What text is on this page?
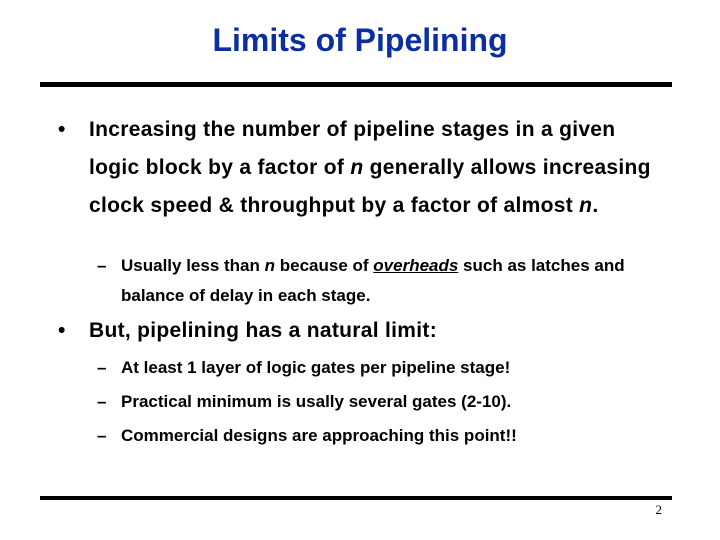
Limits of Pipelining
•	Increasing the number of pipeline stages in a given logic block by a factor of n generally allows increasing clock speed & throughput by a factor of almost n.
– Usually less than n because of overheads such as latches and balance of delay in each stage.
•	But, pipelining has a natural limit:
– At least 1 layer of logic gates per pipeline stage!
– Practical minimum is usally several gates (2-10).
– Commercial designs are approaching this point!!
2
